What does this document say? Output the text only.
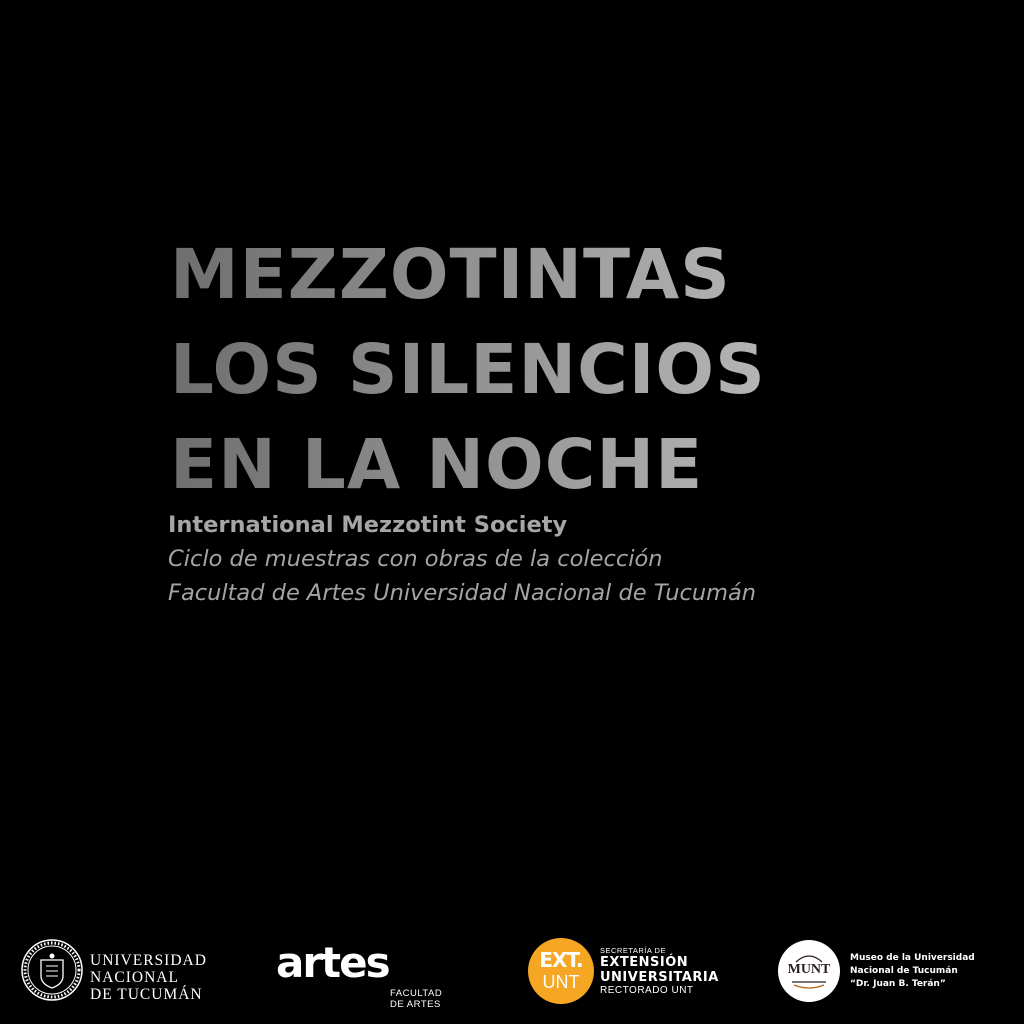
MEZZOTINTAS
LOS SILENCIOS
EN LA NOCHE
International Mezzotint Society
Ciclo de muestras con obras de la colección
Facultad de Artes Universidad Nacional de Tucumán
UNIVERSIDAD
NACIONAL
DE TUCUMÁN
artes
FACULTAD
DE ARTES
EXT.
UNT
SECRETARÍA DE
EXTENSIÓN
UNIVERSITARIA
RECTORADO UNT
MUNT
Museo de la Universidad
Nacional de Tucumán
“Dr. Juan B. Terán”
